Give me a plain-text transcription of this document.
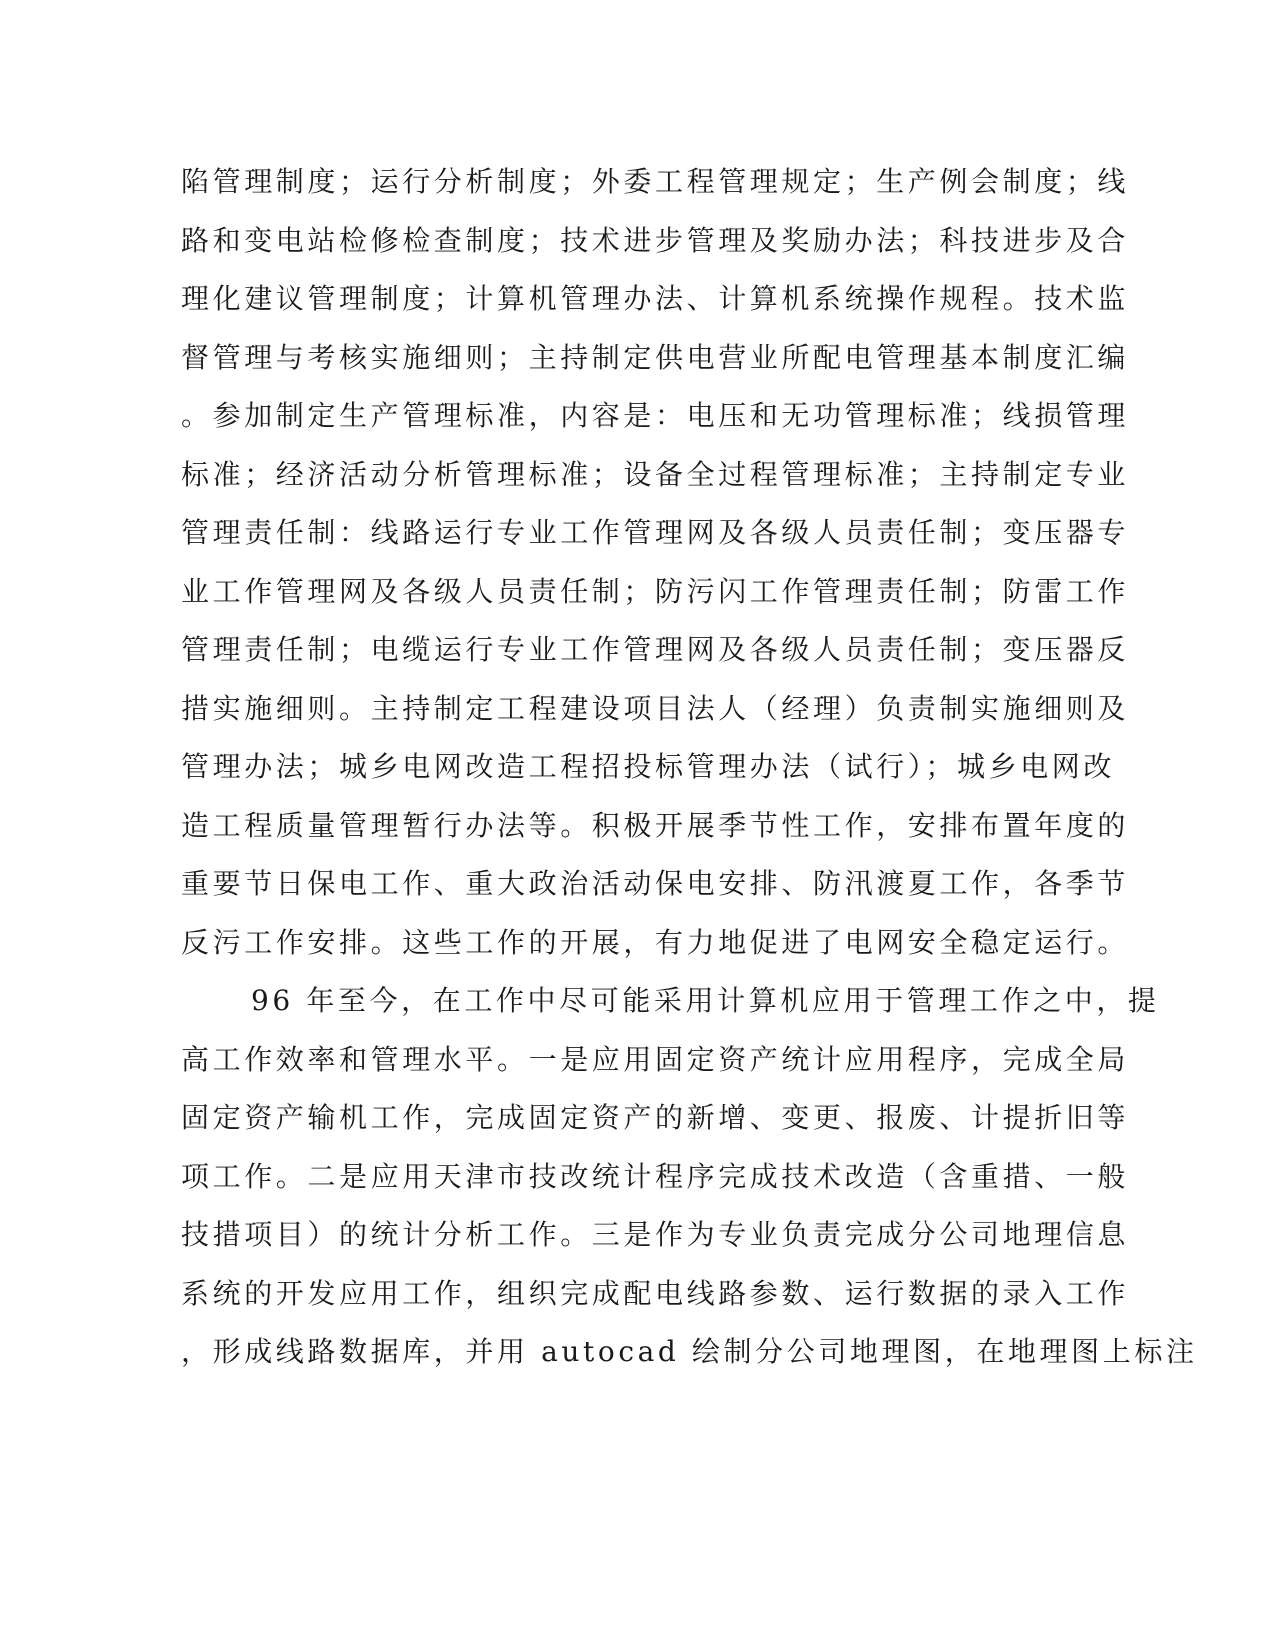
陷管理制度；运行分析制度；外委工程管理规定；生产例会制度；线
路和变电站检修检查制度；技术进步管理及奖励办法；科技进步及合
理化建议管理制度；计算机管理办法、计算机系统操作规程。技术监
督管理与考核实施细则；主持制定供电营业所配电管理基本制度汇编
。参加制定生产管理标准，内容是：电压和无功管理标准；线损管理
标准；经济活动分析管理标准；设备全过程管理标准；主持制定专业
管理责任制：线路运行专业工作管理网及各级人员责任制；变压器专
业工作管理网及各级人员责任制；防污闪工作管理责任制；防雷工作
管理责任制；电缆运行专业工作管理网及各级人员责任制；变压器反
措实施细则。主持制定工程建设项目法人（经理）负责制实施细则及
管理办法；城乡电网改造工程招投标管理办法（试行）；城乡电网改
造工程质量管理暂行办法等。积极开展季节性工作，安排布置年度的
重要节日保电工作、重大政治活动保电安排、防汛渡夏工作，各季节
反污工作安排。这些工作的开展，有力地促进了电网安全稳定运行。
96 年至今，在工作中尽可能采用计算机应用于管理工作之中，提
高工作效率和管理水平。一是应用固定资产统计应用程序，完成全局
固定资产输机工作，完成固定资产的新增、变更、报废、计提折旧等
项工作。二是应用天津市技改统计程序完成技术改造（含重措、一般
技措项目）的统计分析工作。三是作为专业负责完成分公司地理信息
系统的开发应用工作，组织完成配电线路参数、运行数据的录入工作
，形成线路数据库，并用 autocad 绘制分公司地理图，在地理图上标注
